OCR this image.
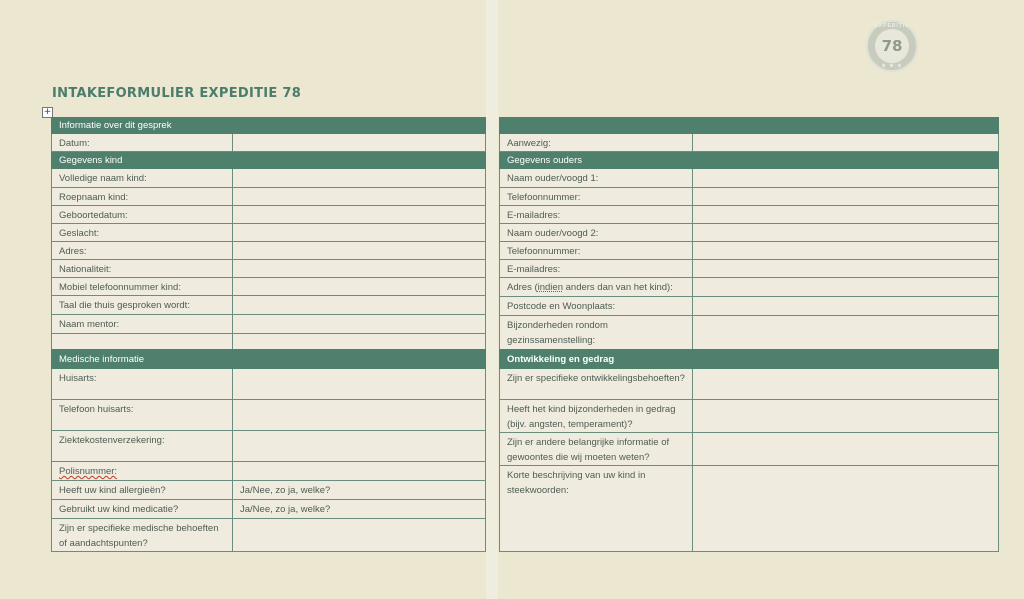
EXPEDITIE
78
★ ★ ★
INTAKEFORMULIER EXPEDITIE 78
+
Informatie over dit gesprek
Datum:	
Gegevens kind	
Volledige naam kind:	
Roepnaam kind:	
Geboortedatum:	
Geslacht:	
Adres:	
Nationaliteit:	
Mobiel telefoonnummer kind:	
Taal die thuis gesproken wordt:	
Naam mentor:	

Medische informatie	
Huisarts:	
Telefoon huisarts:	
Ziektekostenverzekering:	
Polisnummer:	
Heeft uw kind allergieën?	Ja/Nee, zo ja, welke?
Gebruikt uw kind medicatie?	Ja/Nee, zo ja, welke?
Zijn er specifieke medische behoeften of aandachtspunten?	

Aanwezig:	
Gegevens ouders	
Naam ouder/voogd 1:	
Telefoonnummer:	
E-mailadres:	
Naam ouder/voogd 2:	
Telefoonnummer:	
E-mailadres:	
Adres (indien anders dan van het kind):	
Postcode en Woonplaats:	
Bijzonderheden rondom gezinssamenstelling:	
Ontwikkeling en gedrag	
Zijn er specifieke ontwikkelingsbehoeften?	
Heeft het kind bijzonderheden in gedrag (bijv. angsten, temperament)?	
Zijn er andere belangrijke informatie of gewoontes die wij moeten weten?	
Korte beschrijving van uw kind in steekwoorden:	
